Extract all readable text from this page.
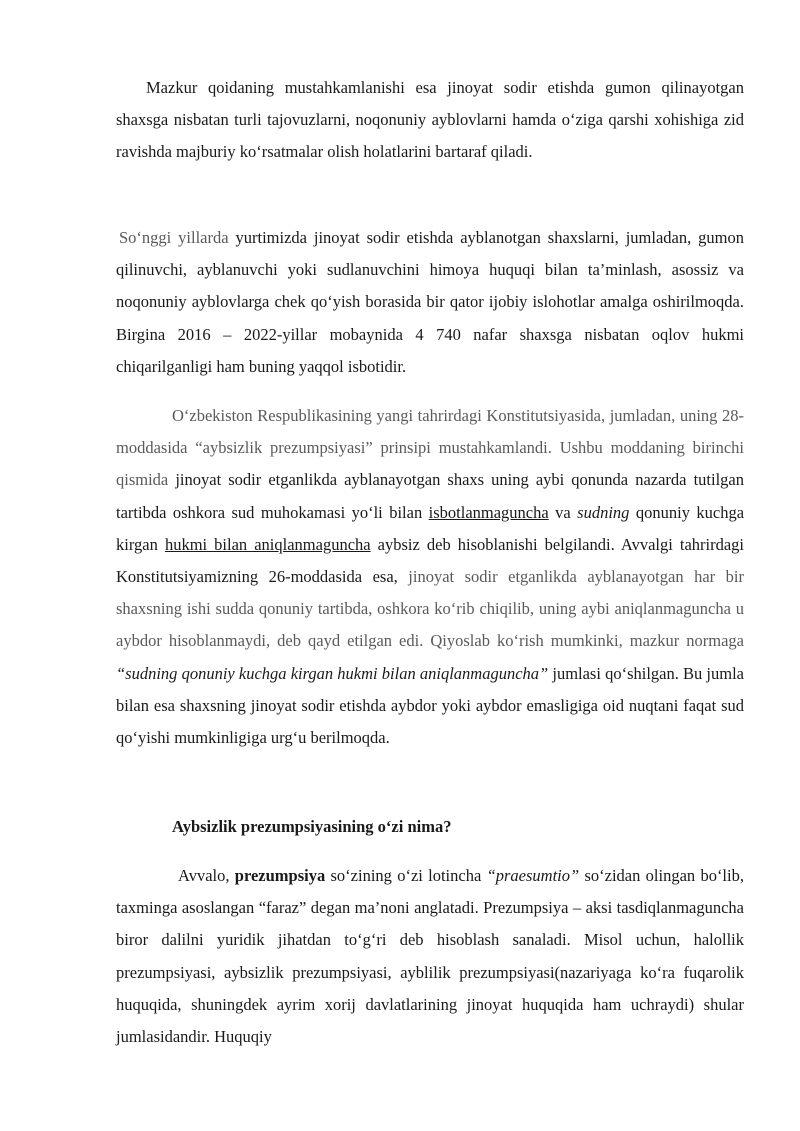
Mazkur qoidaning mustahkamlanishi esa jinoyat sodir etishda gumon qilinayotgan shaxsga nisbatan turli tajovuzlarni, noqonuniy ayblovlarni hamda o‘ziga qarshi xohishiga zid ravishda majburiy ko‘rsatmalar olish holatlarini bartaraf qiladi.

So‘nggi yillarda yurtimizda jinoyat sodir etishda ayblanotgan shaxslarni, jumladan, gumon qilinuvchi, ayblanuvchi yoki sudlanuvchini himoya huquqi bilan ta’minlash, asossiz va noqonuniy ayblovlarga chek qo‘yish borasida bir qator ijobiy islohotlar amalga oshirilmoqda. Birgina 2016 – 2022-yillar mobaynida 4 740 nafar shaxsga nisbatan oqlov hukmi chiqarilganligi ham buning yaqqol isbotidir.

O‘zbekiston Respublikasining yangi tahrirdagi Konstitutsiyasida, jumladan, uning 28-moddasida “aybsizlik prezumpsiyasi” prinsipi mustahkamlandi. Ushbu moddaning birinchi qismida jinoyat sodir etganlikda ayblanayotgan shaxs uning aybi qonunda nazarda tutilgan tartibda oshkora sud muhokamasi yo‘li bilan isbotlanmaguncha va sudning qonuniy kuchga kirgan hukmi bilan aniqlanmaguncha aybsiz deb hisoblanishi belgilandi. Avvalgi tahrirdagi Konstitutsiyamizning 26-moddasida esa, jinoyat sodir etganlikda ayblanayotgan har bir shaxsning ishi sudda qonuniy tartibda, oshkora ko‘rib chiqilib, uning aybi aniqlanmaguncha u aybdor hisoblanmaydi, deb qayd etilgan edi. Qiyoslab ko‘rish mumkinki, mazkur normaga “sudning qonuniy kuchga kirgan hukmi bilan aniqlanmaguncha” jumlasi qo‘shilgan. Bu jumla bilan esa shaxsning jinoyat sodir etishda aybdor yoki aybdor emasligiga oid nuqtani faqat sud qo‘yishi mumkinligiga urg‘u berilmoqda.

Aybsizlik prezumpsiyasining o‘zi nima?

Avvalo, prezumpsiya so‘zining o‘zi lotincha “praesumtio” so‘zidan olingan bo‘lib, taxminga asoslangan “faraz” degan ma’noni anglatadi. Prezumpsiya – aksi tasdiqlanmaguncha biror dalilni yuridik jihatdan to‘g‘ri deb hisoblash sanaladi. Misol uchun, halollik prezumpsiyasi, aybsizlik prezumpsiyasi, ayblilik prezumpsiyasi(nazariyaga ko‘ra fuqarolik huquqida, shuningdek ayrim xorij davlatlarining jinoyat huquqida ham uchraydi) shular jumlasidandir. Huquqiy
